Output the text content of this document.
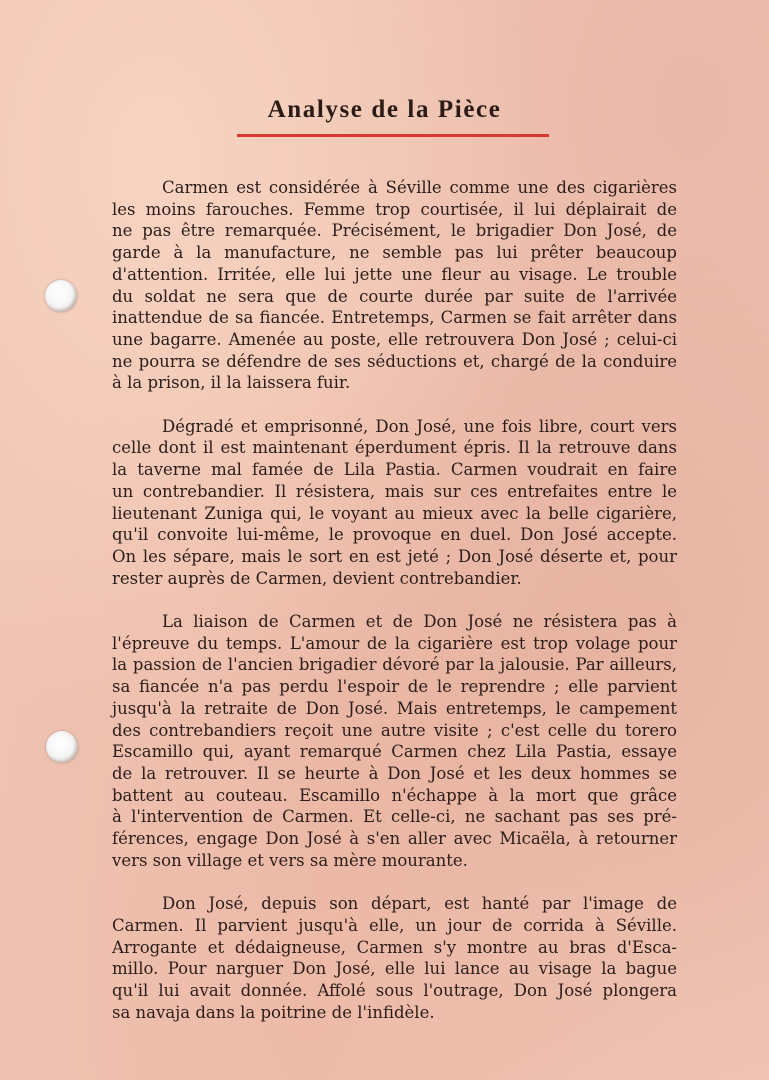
Analyse de la Pièce
Carmen est considérée à Séville comme une des cigarières
les moins farouches. Femme trop courtisée, il lui déplairait de
ne pas être remarquée. Précisément, le brigadier Don José, de
garde à la manufacture, ne semble pas lui prêter beaucoup
d'attention. Irritée, elle lui jette une fleur au visage. Le trouble
du soldat ne sera que de courte durée par suite de l'arrivée
inattendue de sa fiancée. Entretemps, Carmen se fait arrêter dans
une bagarre. Amenée au poste, elle retrouvera Don José ; celui-ci
ne pourra se défendre de ses séductions et, chargé de la conduire
à la prison, il la laissera fuir.
Dégradé et emprisonné, Don José, une fois libre, court vers
celle dont il est maintenant éperdument épris. Il la retrouve dans
la taverne mal famée de Lila Pastia. Carmen voudrait en faire
un contrebandier. Il résistera, mais sur ces entrefaites entre le
lieutenant Zuniga qui, le voyant au mieux avec la belle cigarière,
qu'il convoite lui-même, le provoque en duel. Don José accepte.
On les sépare, mais le sort en est jeté ; Don José déserte et, pour
rester auprès de Carmen, devient contrebandier.
La liaison de Carmen et de Don José ne résistera pas à
l'épreuve du temps. L'amour de la cigarière est trop volage pour
la passion de l'ancien brigadier dévoré par la jalousie. Par ailleurs,
sa fiancée n'a pas perdu l'espoir de le reprendre ; elle parvient
jusqu'à la retraite de Don José. Mais entretemps, le campement
des contrebandiers reçoit une autre visite ; c'est celle du torero
Escamillo qui, ayant remarqué Carmen chez Lila Pastia, essaye
de la retrouver. Il se heurte à Don José et les deux hommes se
battent au couteau. Escamillo n'échappe à la mort que grâce
à l'intervention de Carmen. Et celle-ci, ne sachant pas ses pré-
férences, engage Don José à s'en aller avec Micaëla, à retourner
vers son village et vers sa mère mourante.
Don José, depuis son départ, est hanté par l'image de
Carmen. Il parvient jusqu'à elle, un jour de corrida à Séville.
Arrogante et dédaigneuse, Carmen s'y montre au bras d'Esca-
millo. Pour narguer Don José, elle lui lance au visage la bague
qu'il lui avait donnée. Affolé sous l'outrage, Don José plongera
sa navaja dans la poitrine de l'infidèle.
